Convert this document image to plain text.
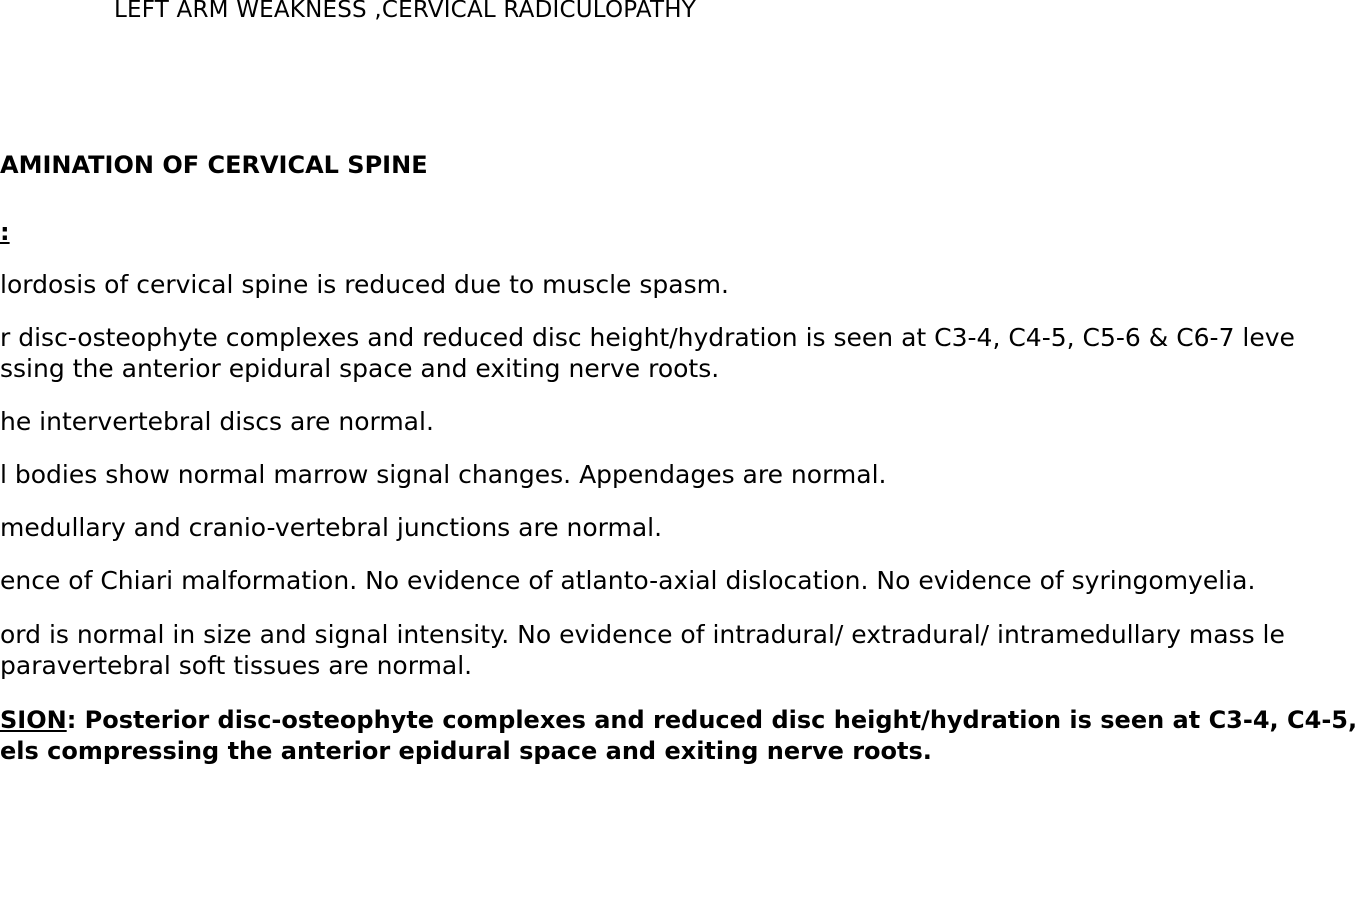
LEFT ARM WEAKNESS ,CERVICAL RADICULOPATHY
AMINATION OF CERVICAL SPINE
:
lordosis of cervical spine is reduced due to muscle spasm.
r disc-osteophyte complexes and reduced disc height/hydration is seen at C3-4, C4-5, C5-6 & C6-7 leve
ssing the anterior epidural space and exiting nerve roots.
he intervertebral discs are normal.
l bodies show normal marrow signal changes. Appendages are normal.
medullary and cranio-vertebral junctions are normal.
ence of Chiari malformation. No evidence of atlanto-axial dislocation. No evidence of syringomyelia.
ord is normal in size and signal intensity. No evidence of intradural/ extradural/ intramedullary mass le
paravertebral soft tissues are normal.
SION: Posterior disc-osteophyte complexes and reduced disc height/hydration is seen at C3-4, C4-5,
els compressing the anterior epidural space and exiting nerve roots.
